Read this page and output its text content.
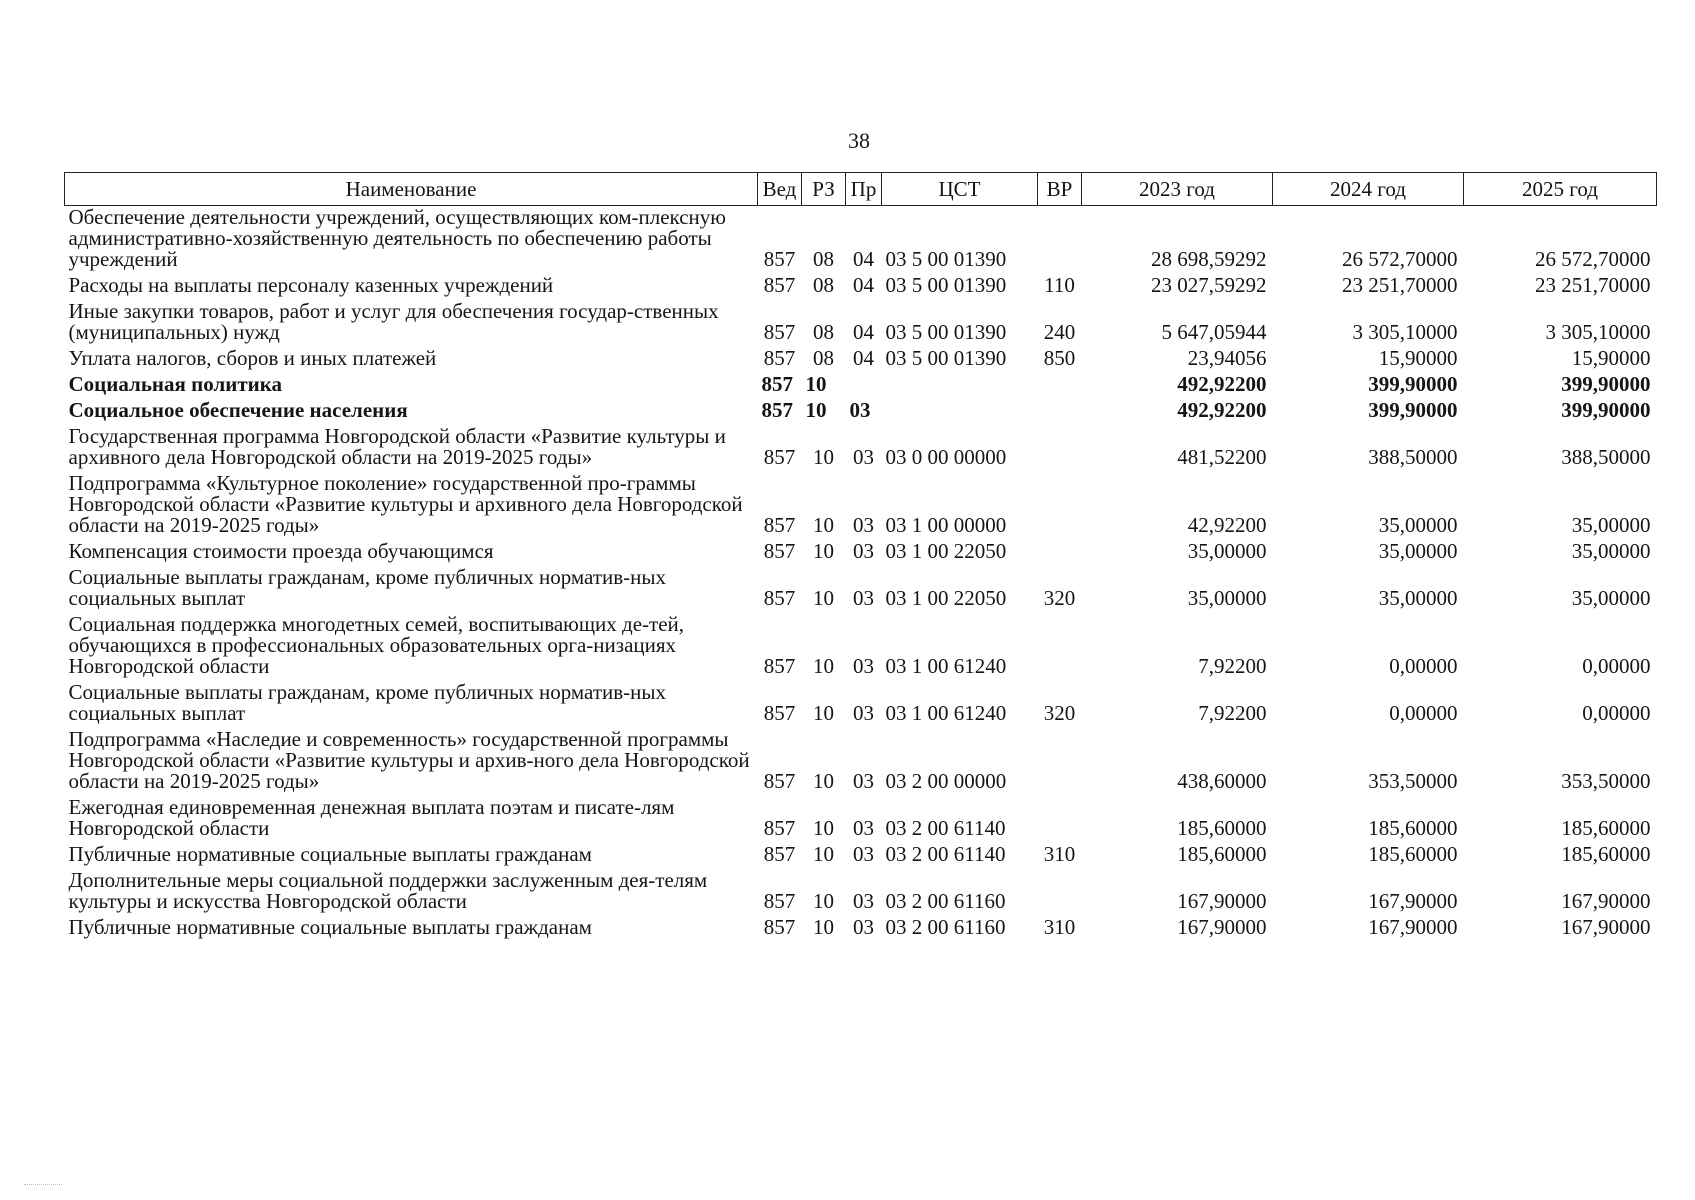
38
Наименование	Вед	РЗ	Пр	ЦСТ	ВР	2023 год	2024 год	2025 год
Обеспечение деятельности учреждений, осуществляющих ком-плексную административно-хозяйственную деятельность по обеспечению работы учреждений	857	08	04	03 5 00 01390		28 698,59292	26 572,70000	26 572,70000
Расходы на выплаты персоналу казенных учреждений	857	08	04	03 5 00 01390	110	23 027,59292	23 251,70000	23 251,70000
Иные закупки товаров, работ и услуг для обеспечения государ-ственных (муниципальных) нужд	857	08	04	03 5 00 01390	240	5 647,05944	3 305,10000	3 305,10000
Уплата налогов, сборов и иных платежей	857	08	04	03 5 00 01390	850	23,94056	15,90000	15,90000
Социальная политика	857	10				492,92200	399,90000	399,90000
Социальное обеспечение населения	857	10	03			492,92200	399,90000	399,90000
Государственная программа Новгородской области «Развитие культуры и архивного дела Новгородской области на 2019-2025 годы»	857	10	03	03 0 00 00000		481,52200	388,50000	388,50000
Подпрограмма «Культурное поколение» государственной про-граммы Новгородской области «Развитие культуры и архивного дела Новгородской области на 2019-2025 годы»	857	10	03	03 1 00 00000		42,92200	35,00000	35,00000
Компенсация стоимости проезда обучающимся	857	10	03	03 1 00 22050		35,00000	35,00000	35,00000
Социальные выплаты гражданам, кроме публичных норматив-ных социальных выплат	857	10	03	03 1 00 22050	320	35,00000	35,00000	35,00000
Социальная поддержка многодетных семей, воспитывающих де-тей, обучающихся в профессиональных образовательных орга-низациях Новгородской области	857	10	03	03 1 00 61240		7,92200	0,00000	0,00000
Социальные выплаты гражданам, кроме публичных норматив-ных социальных выплат	857	10	03	03 1 00 61240	320	7,92200	0,00000	0,00000
Подпрограмма «Наследие и современность» государственной программы Новгородской области «Развитие культуры и архив-ного дела Новгородской области на 2019-2025 годы»	857	10	03	03 2 00 00000		438,60000	353,50000	353,50000
Ежегодная единовременная денежная выплата поэтам и писате-лям Новгородской области	857	10	03	03 2 00 61140		185,60000	185,60000	185,60000
Публичные нормативные социальные выплаты гражданам	857	10	03	03 2 00 61140	310	185,60000	185,60000	185,60000
Дополнительные меры социальной поддержки заслуженным дея-телям культуры и искусства Новгородской области	857	10	03	03 2 00 61160		167,90000	167,90000	167,90000
Публичные нормативные социальные выплаты гражданам	857	10	03	03 2 00 61160	310	167,90000	167,90000	167,90000
